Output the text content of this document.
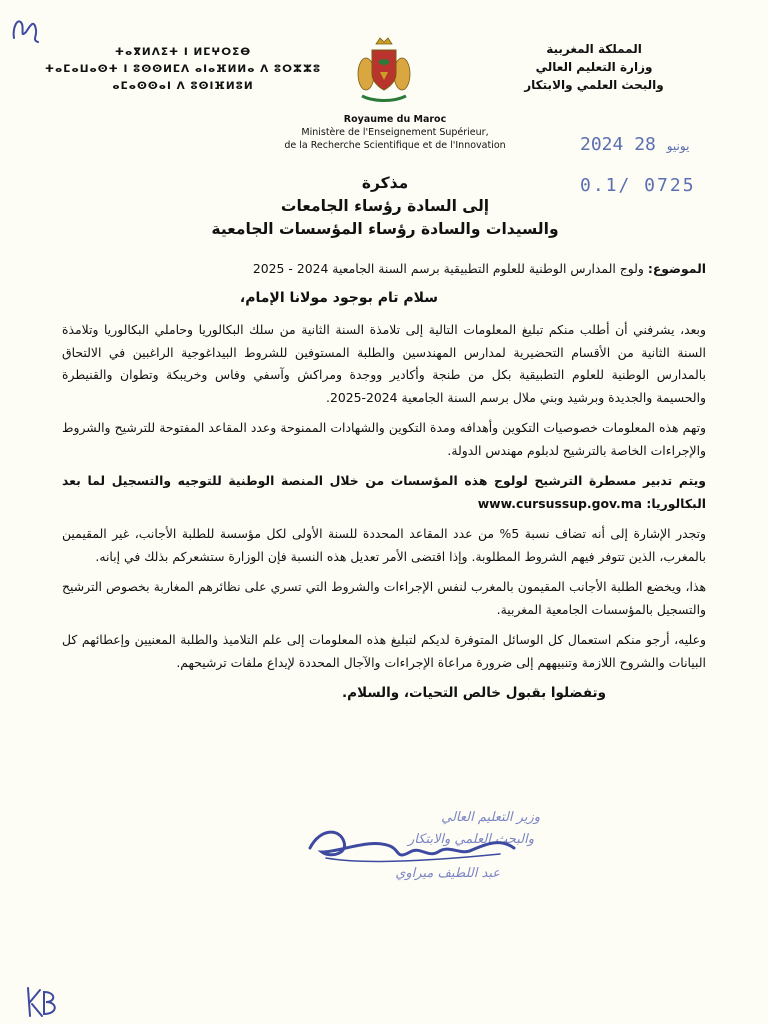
ⵜⴰⴳⵍⴷⵉⵜ ⵏ ⵍⵎⵖⵔⵉⴱ
ⵜⴰⵎⴰⵡⴰⵙⵜ ⵏ ⵓⵙⵙⵍⵎⴷ ⴰⵏⴰⴼⵍⵍⴰ ⴷ ⵓⵔⵣⵣⵓ
ⴰⵎⴰⵙⵙⴰⵏ ⴷ ⵓⵙⵏⴼⵍⵓⵍ
المملكة المغربية
وزارة التعليم العالي
والبحث العلمي والابتكار
Royaume du Maroc
Ministère de l'Enseignement Supérieur,
de la Recherche Scientifique et de l'Innovation	2024	يونيو 28
0.1/ 0725
مذكرة
إلى السادة رؤساء الجامعات
والسيدات والسادة رؤساء المؤسسات الجامعية

الموضوع: ولوج المدارس الوطنية للعلوم التطبيقية برسم السنة الجامعية 2024 - 2025

سلام تام بوجود مولانا الإمام،

وبعد، يشرفني أن أطلب منكم تبليغ المعلومات التالية إلى تلامذة السنة الثانية من سلك البكالوريا وحاملي البكالوريا وتلامذة السنة الثانية من الأقسام التحضيرية لمدارس المهندسين والطلبة المستوفين للشروط البيداغوجية الراغبين في الالتحاق بالمدارس الوطنية للعلوم التطبيقية بكل من طنجة وأكادير ووجدة ومراكش وآسفي وفاس وخريبكة وتطوان والقنيطرة والحسيمة والجديدة وبرشيد وبني ملال برسم السنة الجامعية 2024-2025.

وتهم هذه المعلومات خصوصيات التكوين وأهدافه ومدة التكوين والشهادات الممنوحة وعدد المقاعد المفتوحة للترشيح والشروط والإجراءات الخاصة بالترشيح لدبلوم مهندس الدولة.

ويتم تدبير مسطرة الترشيح لولوج هذه المؤسسات من خلال المنصة الوطنية للتوجيه والتسجيل لما بعد البكالوريا: www.cursussup.gov.ma

وتجدر الإشارة إلى أنه تضاف نسبة 5% من عدد المقاعد المحددة للسنة الأولى لكل مؤسسة للطلبة الأجانب، غير المقيمين بالمغرب، الذين تتوفر فيهم الشروط المطلوبة. وإذا اقتضى الأمر تعديل هذه النسبة فإن الوزارة ستشعركم بذلك في إبانه.

هذا، ويخضع الطلبة الأجانب المقيمون بالمغرب لنفس الإجراءات والشروط التي تسري على نظائرهم المغاربة بخصوص الترشيح والتسجيل بالمؤسسات الجامعية المغربية.

وعليه، أرجو منكم استعمال كل الوسائل المتوفرة لديكم لتبليغ هذه المعلومات إلى علم التلاميذ والطلبة المعنيين وإعطائهم كل البيانات والشروح اللازمة وتنبيههم إلى ضرورة مراعاة الإجراءات والآجال المحددة لإيداع ملفات ترشيحهم.

وتفضلوا بقبول خالص التحيات، والسلام.

وزير التعليم العالي
والبحث العلمي والابتكار
عبد اللطيف ميراوي
